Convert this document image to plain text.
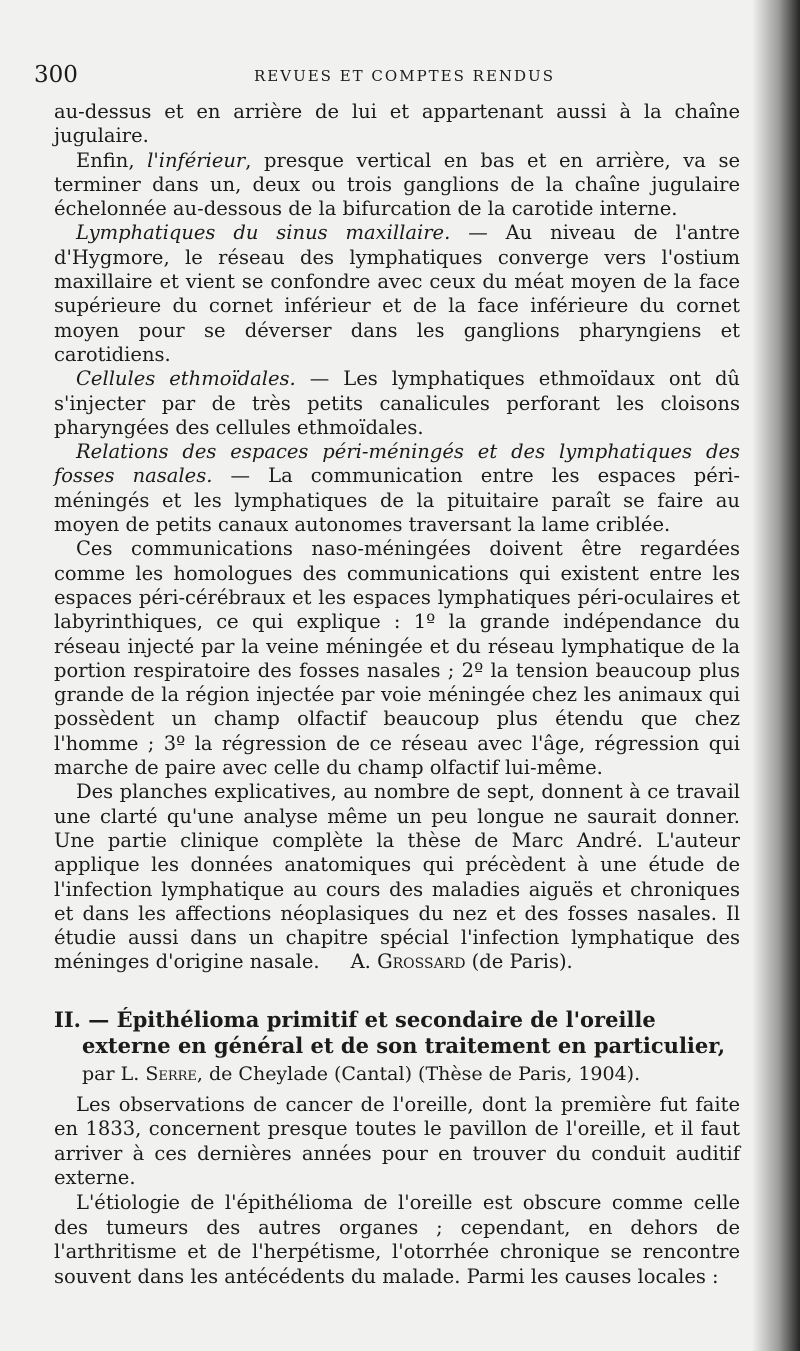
300	REVUES ET COMPTES RENDUS

au-dessus et en arrière de lui et appartenant aussi à la chaîne jugulaire.

Enfin, l'inférieur, presque vertical en bas et en arrière, va se terminer dans un, deux ou trois ganglions de la chaîne jugulaire échelonnée au-dessous de la bifurcation de la carotide interne.

Lymphatiques du sinus maxillaire. — Au niveau de l'antre d'Hygmore, le réseau des lymphatiques converge vers l'ostium maxillaire et vient se confondre avec ceux du méat moyen de la face supérieure du cornet inférieur et de la face inférieure du cornet moyen pour se déverser dans les ganglions pharyngiens et carotidiens.

Cellules ethmoïdales. — Les lymphatiques ethmoïdaux ont dû s'injecter par de très petits canalicules perforant les cloisons pharyngées des cellules ethmoïdales.

Relations des espaces péri-méningés et des lymphatiques des fosses nasales. — La communication entre les espaces péri-méningés et les lymphatiques de la pituitaire paraît se faire au moyen de petits canaux autonomes traversant la lame criblée.

Ces communications naso-méningées doivent être regardées comme les homologues des communications qui existent entre les espaces péri-cérébraux et les espaces lymphatiques péri-oculaires et labyrinthiques, ce qui explique : 1º la grande indépendance du réseau injecté par la veine méningée et du réseau lymphatique de la portion respiratoire des fosses nasales ; 2º la tension beaucoup plus grande de la région injectée par voie méningée chez les animaux qui possèdent un champ olfactif beaucoup plus étendu que chez l'homme ; 3º la régression de ce réseau avec l'âge, régression qui marche de paire avec celle du champ olfactif lui-même.

Des planches explicatives, au nombre de sept, donnent à ce travail une clarté qu'une analyse même un peu longue ne saurait donner. Une partie clinique complète la thèse de Marc André. L'auteur applique les données anatomiques qui précèdent à une étude de l'infection lymphatique au cours des maladies aiguës et chroniques et dans les affections néoplasiques du nez et des fosses nasales. Il étudie aussi dans un chapitre spécial l'infection lymphatique des méninges d'origine nasale. A. Grossard (de Paris).

II. — Épithélioma primitif et secondaire de l'oreille externe en général et de son traitement en particulier, par L. Serre, de Cheylade (Cantal) (Thèse de Paris, 1904).

Les observations de cancer de l'oreille, dont la première fut faite en 1833, concernent presque toutes le pavillon de l'oreille, et il faut arriver à ces dernières années pour en trouver du conduit auditif externe.

L'étiologie de l'épithélioma de l'oreille est obscure comme celle des tumeurs des autres organes ; cependant, en dehors de l'arthritisme et de l'herpétisme, l'otorrhée chronique se rencontre souvent dans les antécédents du malade. Parmi les causes locales :
